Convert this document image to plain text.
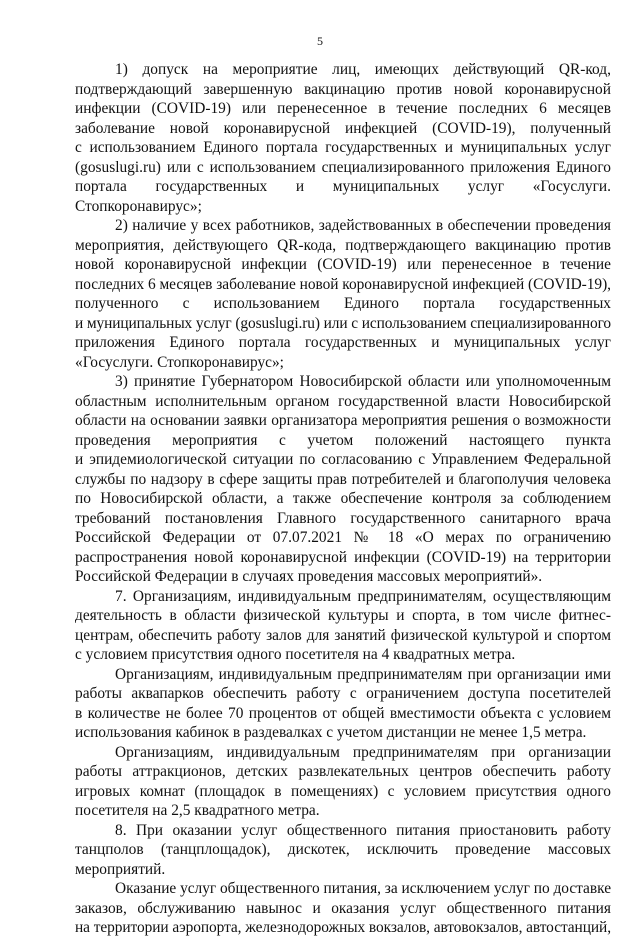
5
1) допуск на мероприятие лиц, имеющих действующий QR-код,
подтверждающий завершенную вакцинацию против новой коронавирусной
инфекции (COVID-19) или перенесенное в течение последних 6 месяцев
заболевание новой коронавирусной инфекцией (COVID-19), полученный
с использованием Единого портала государственных и муниципальных услуг
(gosuslugi.ru) или с использованием специализированного приложения Единого
портала государственных и муниципальных услуг «Госуслуги.
Стопкоронавирус»;
2) наличие у всех работников, задействованных в обеспечении проведения
мероприятия, действующего QR-кода, подтверждающего вакцинацию против
новой коронавирусной инфекции (COVID-19) или перенесенное в течение
последних 6 месяцев заболевание новой коронавирусной инфекцией (COVID-19),
полученного с использованием Единого портала государственных
и муниципальных услуг (gosuslugi.ru) или с использованием специализированного
приложения Единого портала государственных и муниципальных услуг
«Госуслуги. Стопкоронавирус»;
3) принятие Губернатором Новосибирской области или уполномоченным
областным исполнительным органом государственной власти Новосибирской
области на основании заявки организатора мероприятия решения о возможности
проведения мероприятия с учетом положений настоящего пункта
и эпидемиологической ситуации по согласованию с Управлением Федеральной
службы по надзору в сфере защиты прав потребителей и благополучия человека
по Новосибирской области, а также обеспечение контроля за соблюдением
требований постановления Главного государственного санитарного врача
Российской Федерации от 07.07.2021 № 18 «О мерах по ограничению
распространения новой коронавирусной инфекции (COVID-19) на территории
Российской Федерации в случаях проведения массовых мероприятий».
7. Организациям, индивидуальным предпринимателям, осуществляющим
деятельность в области физической культуры и спорта, в том числе фитнес-
центрам, обеспечить работу залов для занятий физической культурой и спортом
с условием присутствия одного посетителя на 4 квадратных метра.
Организациям, индивидуальным предпринимателям при организации ими
работы аквапарков обеспечить работу с ограничением доступа посетителей
в количестве не более 70 процентов от общей вместимости объекта с условием
использования кабинок в раздевалках с учетом дистанции не менее 1,5 метра.
Организациям, индивидуальным предпринимателям при организации
работы аттракционов, детских развлекательных центров обеспечить работу
игровых комнат (площадок в помещениях) с условием присутствия одного
посетителя на 2,5 квадратного метра.
8. При оказании услуг общественного питания приостановить работу
танцполов (танцплощадок), дискотек, исключить проведение массовых
мероприятий.
Оказание услуг общественного питания, за исключением услуг по доставке
заказов, обслуживанию навынос и оказания услуг общественного питания
на территории аэропорта, железнодорожных вокзалов, автовокзалов, автостанций,
